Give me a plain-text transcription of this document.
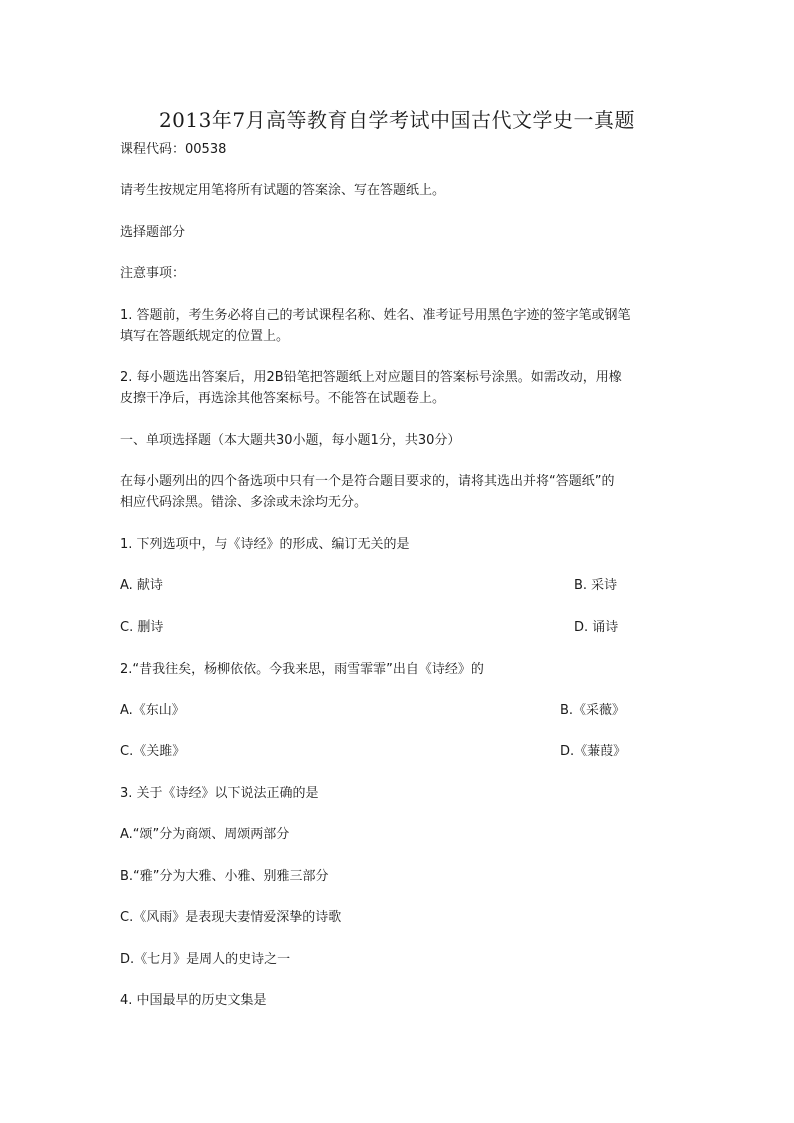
2013年7月高等教育自学考试中国古代文学史一真题
课程代码：00538
请考生按规定用笔将所有试题的答案涂、写在答题纸上。
选择题部分
注意事项：
1. 答题前，考生务必将自己的考试课程名称、姓名、准考证号用黑色字迹的签字笔或钢笔
填写在答题纸规定的位置上。
2. 每小题选出答案后，用2B铅笔把答题纸上对应题目的答案标号涂黑。如需改动，用橡
皮擦干净后，再选涂其他答案标号。不能答在试题卷上。
一、单项选择题（本大题共30小题，每小题1分，共30分）
在每小题列出的四个备选项中只有一个是符合题目要求的，请将其选出并将“答题纸”的
相应代码涂黑。错涂、多涂或未涂均无分。
1. 下列选项中，与《诗经》的形成、编订无关的是
A. 献诗	B. 采诗
C. 删诗	D. 诵诗
2.“昔我往矣，杨柳依依。今我来思，雨雪霏霏”出自《诗经》的
A.《东山》	B.《采薇》
C.《关雎》	D.《蒹葭》
3. 关于《诗经》以下说法正确的是
A.“颂”分为商颂、周颂两部分
B.“雅”分为大雅、小雅、别雅三部分
C.《风雨》是表现夫妻情爱深挚的诗歌
D.《七月》是周人的史诗之一
4. 中国最早的历史文集是
